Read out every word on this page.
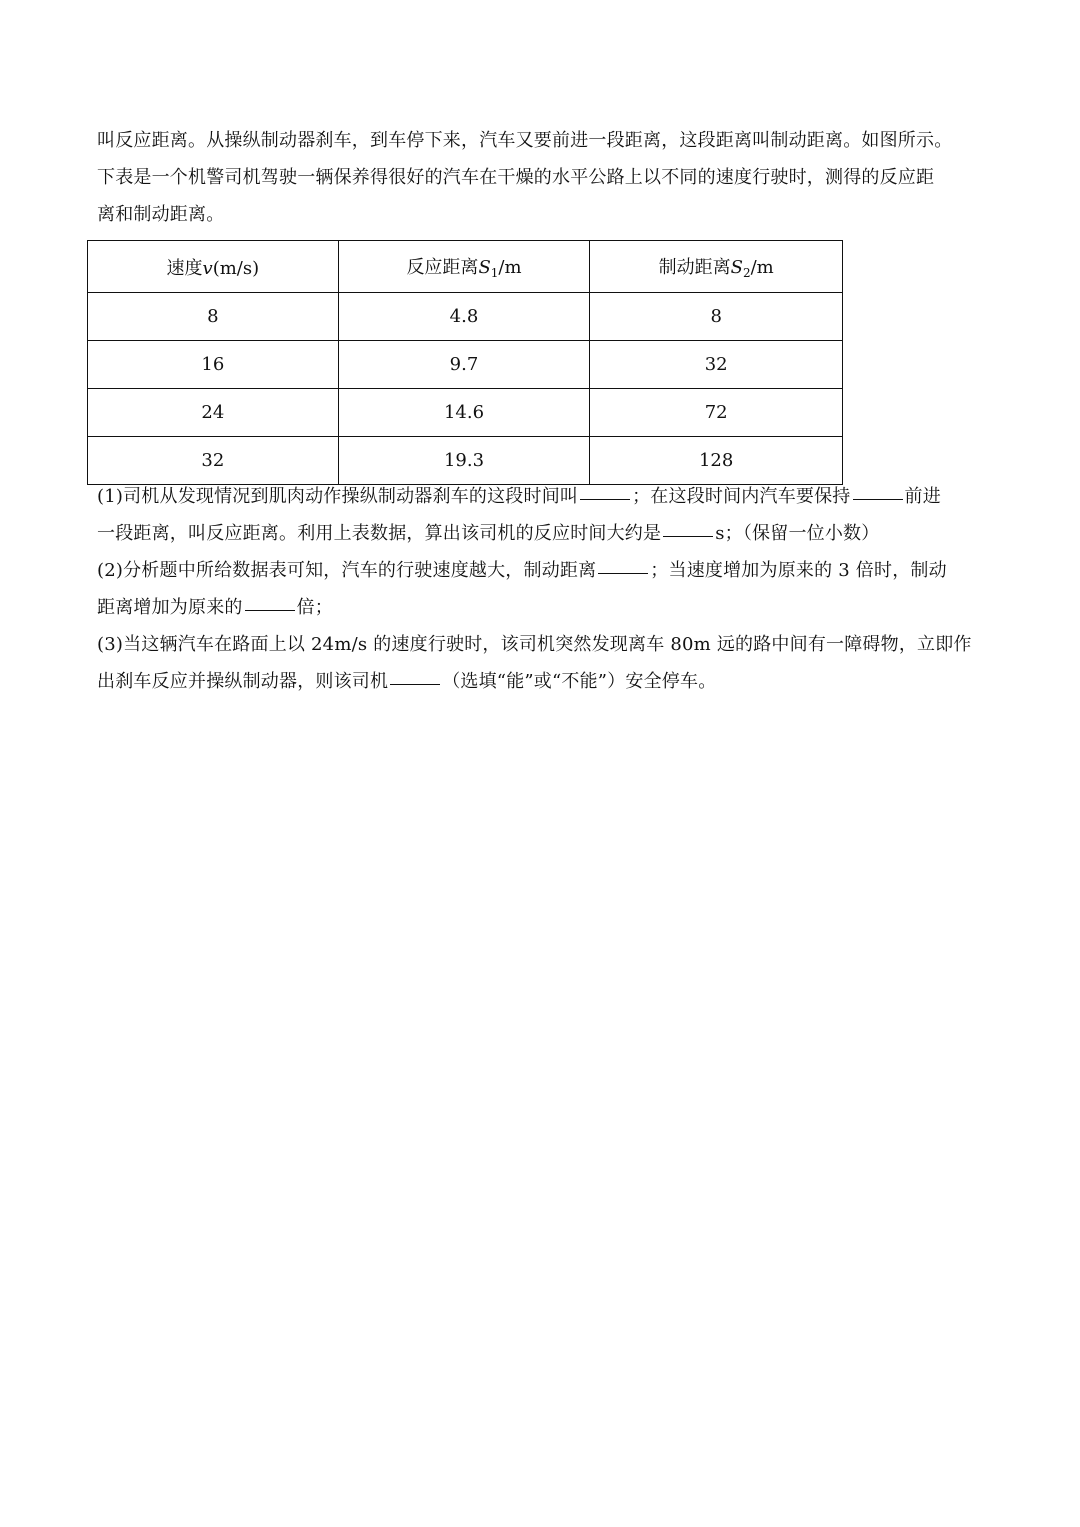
叫反应距离。从操纵制动器刹车，到车停下来，汽车又要前进一段距离，这段距离叫制动距离。如图所示。
下表是一个机警司机驾驶一辆保养得很好的汽车在干燥的水平公路上以不同的速度行驶时，测得的反应距
离和制动距离。
速度v(m/s)	反应距离$S_1/m$	制动距离$S_2/m$
8	4.8	8
16	9.7	32
24	14.6	72
32	19.3	128
(1)司机从发现情况到肌肉动作操纵制动器刹车的这段时间叫	；在这段时间内汽车要保持	前进
一段距离，叫反应距离。利用上表数据，算出该司机的反应时间大约是	s；（保留一位小数）
(2)分析题中所给数据表可知，汽车的行驶速度越大，制动距离	；当速度增加为原来的 3 倍时，制动
距离增加为原来的	倍；
(3)当这辆汽车在路面上以 24m/s 的速度行驶时，该司机突然发现离车 80m 远的路中间有一障碍物，立即作
出刹车反应并操纵制动器，则该司机	（选填“能”或“不能”）安全停车。
